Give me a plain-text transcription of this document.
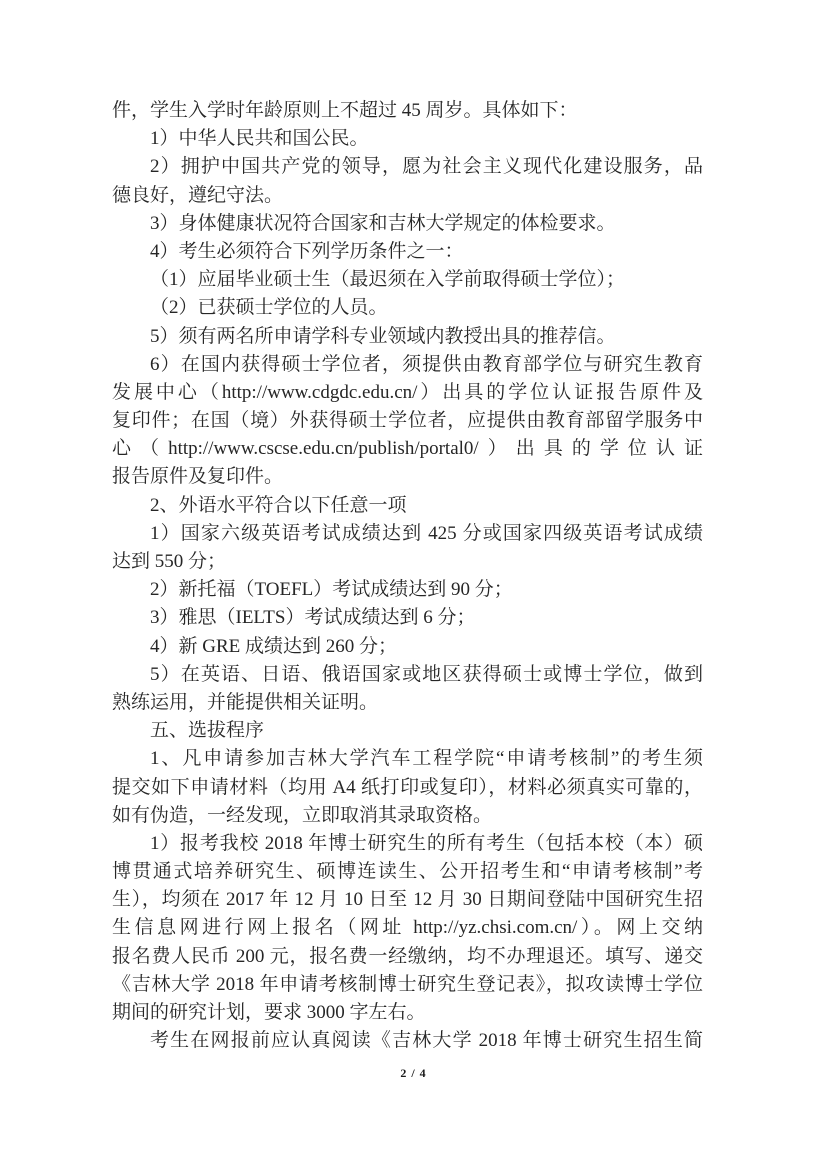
件，学生入学时年龄原则上不超过 45 周岁。具体如下：
1）中华人民共和国公民。
2）拥护中国共产党的领导，愿为社会主义现代化建设服务，品
德良好，遵纪守法。
3）身体健康状况符合国家和吉林大学规定的体检要求。
4）考生必须符合下列学历条件之一：
（1）应届毕业硕士生（最迟须在入学前取得硕士学位）；
（2）已获硕士学位的人员。
5）须有两名所申请学科专业领域内教授出具的推荐信。
6）在国内获得硕士学位者，须提供由教育部学位与研究生教育
发展中心（http://www.cdgdc.edu.cn/）出具的学位认证报告原件及
复印件；在国（境）外获得硕士学位者，应提供由教育部留学服务中
心（http://www.cscse.edu.cn/publish/portal0/）出具的学位认证
报告原件及复印件。
2、外语水平符合以下任意一项
1）国家六级英语考试成绩达到 425 分或国家四级英语考试成绩
达到 550 分；
2）新托福（TOEFL）考试成绩达到 90 分；
3）雅思（IELTS）考试成绩达到 6 分；
4）新 GRE 成绩达到 260 分；
5）在英语、日语、俄语国家或地区获得硕士或博士学位，做到
熟练运用，并能提供相关证明。
五、选拔程序
1、凡申请参加吉林大学汽车工程学院“申请考核制”的考生须
提交如下申请材料（均用 A4 纸打印或复印），材料必须真实可靠的，
如有伪造，一经发现，立即取消其录取资格。
1）报考我校 2018 年博士研究生的所有考生（包括本校（本）硕
博贯通式培养研究生、硕博连读生、公开招考生和“申请考核制”考
生），均须在 2017 年 12 月 10 日至 12 月 30 日期间登陆中国研究生招
生信息网进行网上报名（网址 http://yz.chsi.com.cn/）。网上交纳
报名费人民币 200 元，报名费一经缴纳，均不办理退还。填写、递交
《吉林大学 2018 年申请考核制博士研究生登记表》，拟攻读博士学位
期间的研究计划，要求 3000 字左右。
考生在网报前应认真阅读《吉林大学 2018 年博士研究生招生简
2 / 4
